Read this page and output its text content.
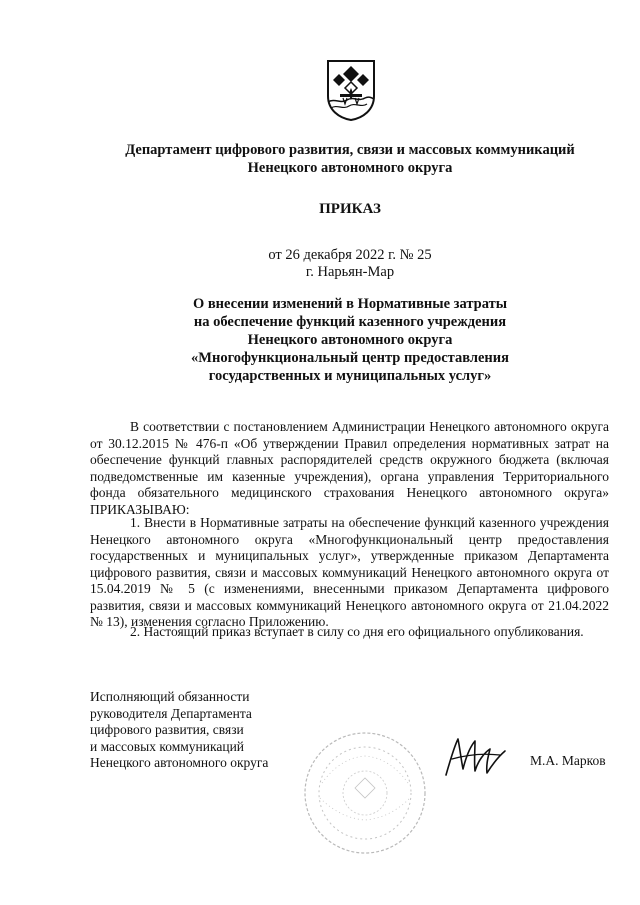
Департамент цифрового развития, связи и массовых коммуникаций
Ненецкого автономного округа
ПРИКАЗ
от 26 декабря 2022 г. № 25
г. Нарьян-Мар
О внесении изменений в Нормативные затраты
на обеспечение функций казенного учреждения
Ненецкого автономного округа
«Многофункциональный центр предоставления
государственных и муниципальных услуг»

В соответствии с постановлением Администрации Ненецкого автономного округа от 30.12.2015 № 476-п «Об утверждении Правил определения нормативных затрат на обеспечение функций главных распорядителей средств окружного бюджета (включая подведомственные им казенные учреждения), органа управления Территориального фонда обязательного медицинского страхования Ненецкого автономного округа» ПРИКАЗЫВАЮ:

1. Внести в Нормативные затраты на обеспечение функций казенного учреждения Ненецкого автономного округа «Многофункциональный центр предоставления государственных и муниципальных услуг», утвержденные приказом Департамента цифрового развития, связи и массовых коммуникаций Ненецкого автономного округа от 15.04.2019 № 5 (с изменениями, внесенными приказом Департамента цифрового развития, связи и массовых коммуникаций Ненецкого автономного округа от 21.04.2022 № 13), изменения согласно Приложению.

2. Настоящий приказ вступает в силу со дня его официального опубликования.

Исполняющий обязанности
руководителя Департамента
цифрового развития, связи
и массовых коммуникаций
Ненецкого автономного округа	М.А. Марков
